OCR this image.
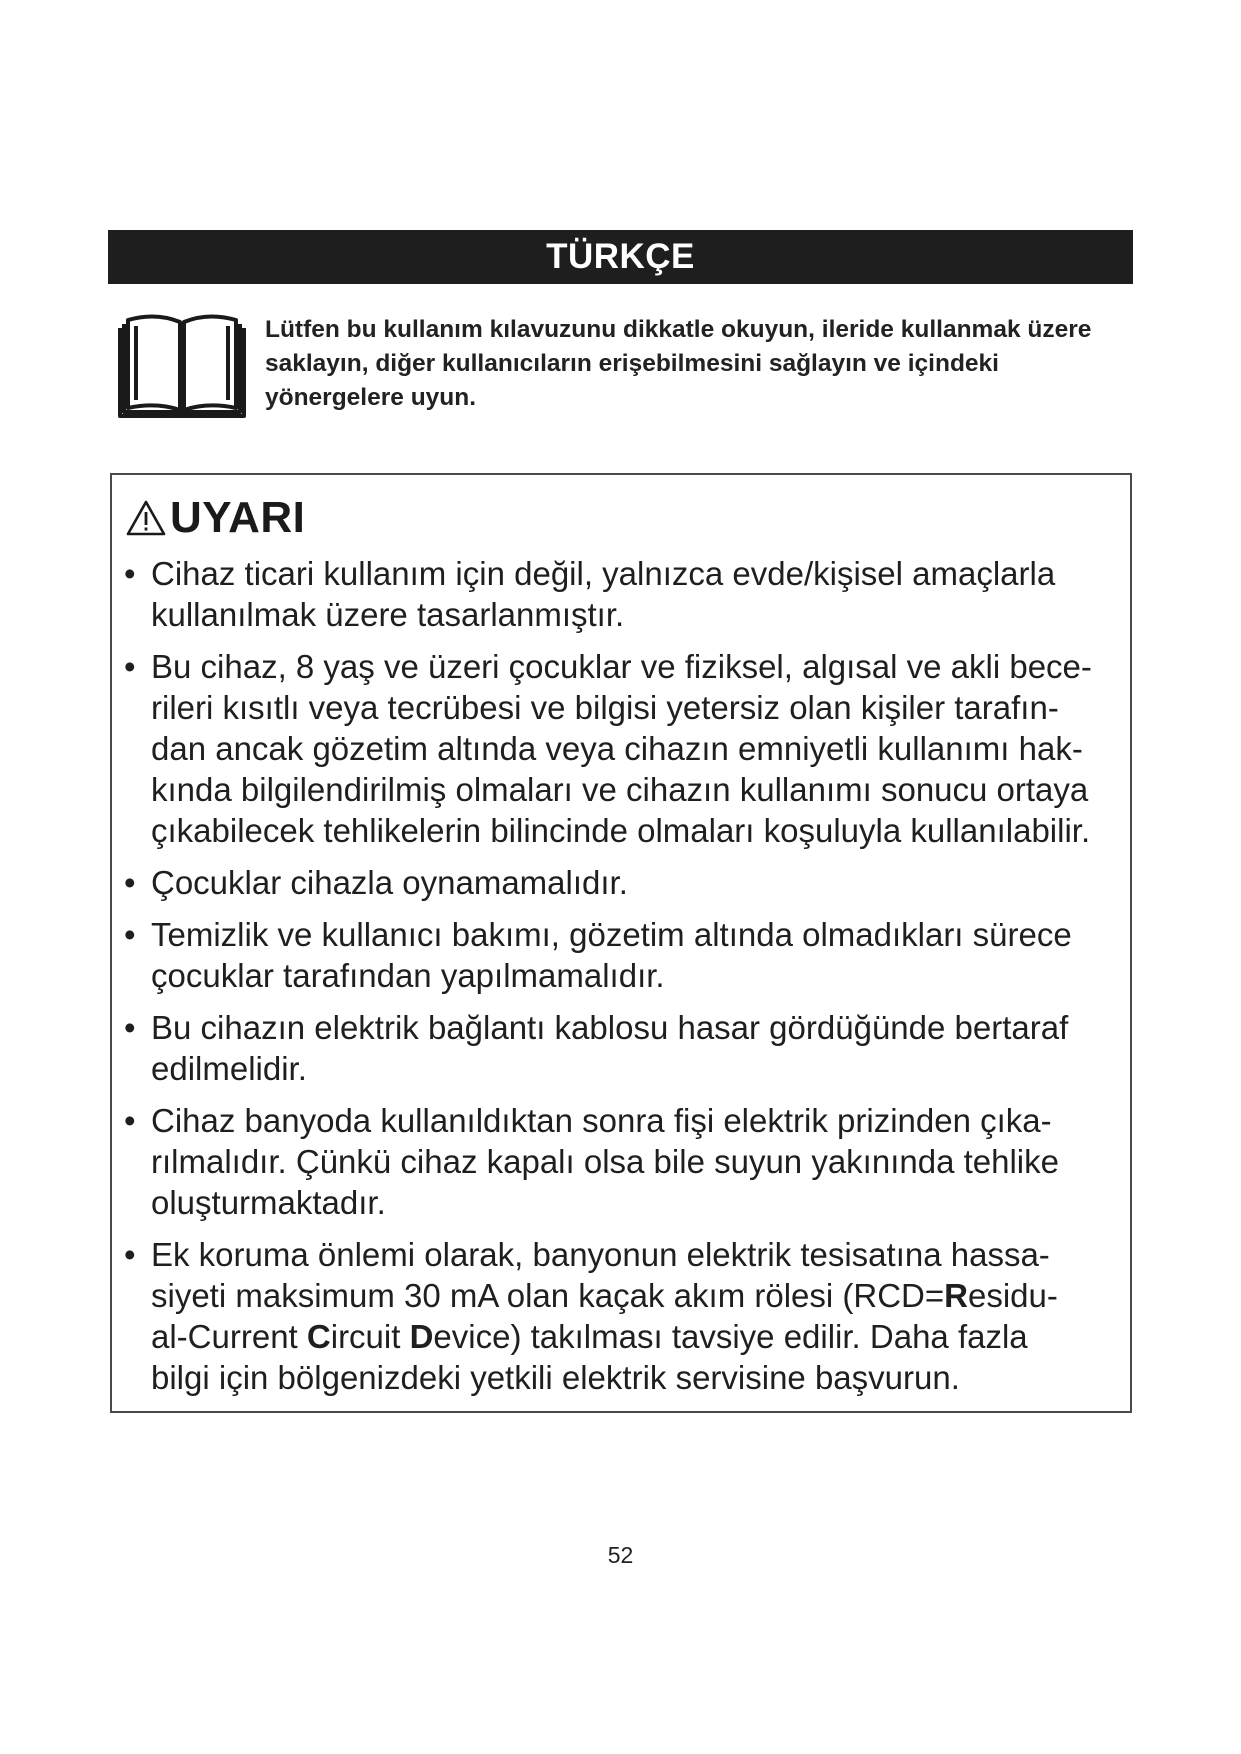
TÜRKÇE
Lütfen bu kullanım kılavuzunu dikkatle okuyun, ileride kullanmak üzere
saklayın, diğer kullanıcıların erişebilmesini sağlayın ve içindeki
yönergelere uyun.
UYARI
• Cihaz ticari kullanım için değil, yalnızca evde/kişisel amaçlarla
kullanılmak üzere tasarlanmıştır.
• Bu cihaz, 8 yaş ve üzeri çocuklar ve fiziksel, algısal ve akli bece-
rileri kısıtlı veya tecrübesi ve bilgisi yetersiz olan kişiler tarafın-
dan ancak gözetim altında veya cihazın emniyetli kullanımı hak-
kında bilgilendirilmiş olmaları ve cihazın kullanımı sonucu ortaya
çıkabilecek tehlikelerin bilincinde olmaları koşuluyla kullanılabilir.
• Çocuklar cihazla oynamamalıdır.
• Temizlik ve kullanıcı bakımı, gözetim altında olmadıkları sürece
çocuklar tarafından yapılmamalıdır.
• Bu cihazın elektrik bağlantı kablosu hasar gördüğünde bertaraf
edilmelidir.
• Cihaz banyoda kullanıldıktan sonra fişi elektrik prizinden çıka-
rılmalıdır. Çünkü cihaz kapalı olsa bile suyun yakınında tehlike
oluşturmaktadır.
• Ek koruma önlemi olarak, banyonun elektrik tesisatına hassa-
siyeti maksimum 30 mA olan kaçak akım rölesi (RCD=Residu-
al-Current Circuit Device) takılması tavsiye edilir. Daha fazla
bilgi için bölgenizdeki yetkili elektrik servisine başvurun.
52
